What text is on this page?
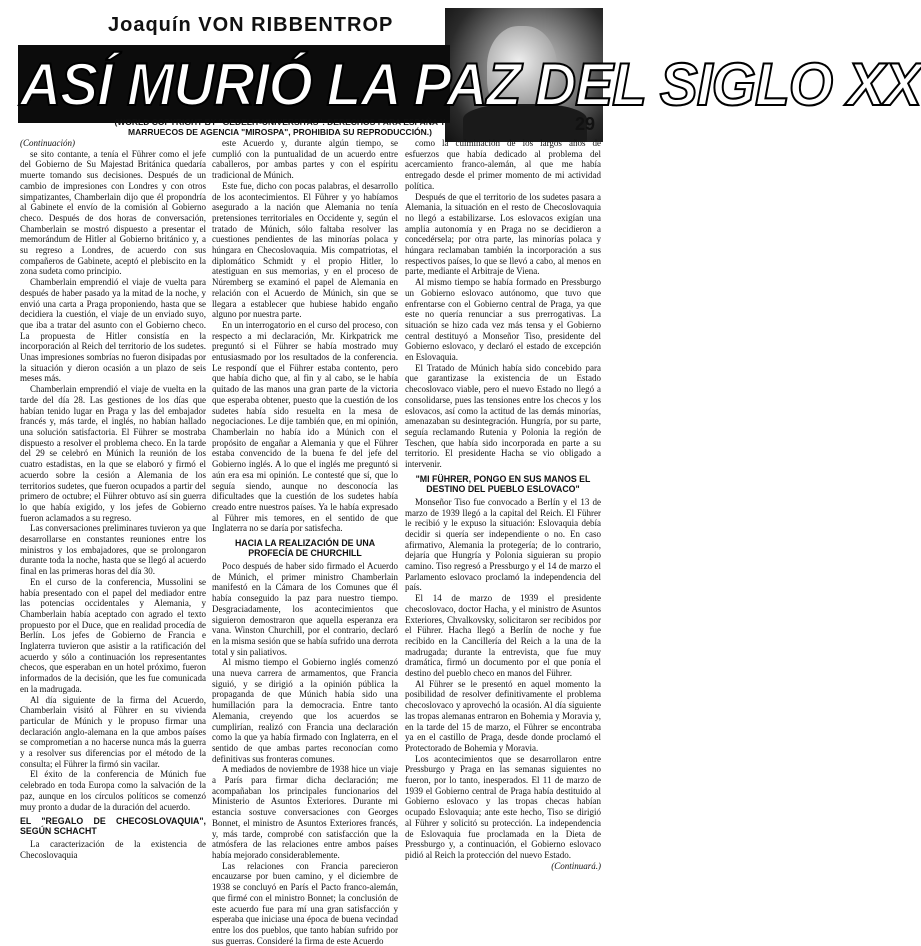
Joaquín VON RIBBENTROP
ASÍ MURIÓ LA PAZ DEL SIGLO XX
(WORLD COPYRIGHT BY "GEDELIT-UNIVERSITAS". DERECHOS PARA ESPAÑA Y MARRUECOS DE AGENCIA "MIROSPA", PROHIBIDA SU REPRODUCCIÓN.)	29

(Continuación)

se sito contante, a tenía el Führer como el jefe del Gobierno de Su Majestad Británica quedaría muerte tomando sus decisiones. Después de un cambio de impresiones con Londres y con otros simpatizantes, Chamberlain dijo que él propondría al Gabinete el envío de la comisión al Gobierno checo. Después de dos horas de conversación, Chamberlain se mostró dispuesto a presentar el memorándum de Hitler al Gobierno británico y, a su regreso a Londres, de acuerdo con sus compañeros de Gabinete, aceptó el plebiscito en la zona sudeta como principio.

Chamberlain emprendió el viaje de vuelta para después de haber pasado ya la mitad de la noche, y envió una carta a Praga proponiendo, hasta que se decidiera la cuestión, el viaje de un enviado suyo, que iba a tratar del asunto con el Gobierno checo. La propuesta de Hitler consistía en la incorporación al Reich del territorio de los sudetes. Unas impresiones sombrías no fueron disipadas por la situación y dieron ocasión a un plazo de seis meses más.

Chamberlain emprendió el viaje de vuelta en la tarde del día 28. Las gestiones de los días que habían tenido lugar en Praga y las del embajador francés y, más tarde, el inglés, no habían hallado una solución satisfactoria. El Führer se mostraba dispuesto a resolver el problema checo. En la tarde del 29 se celebró en Múnich la reunión de los cuatro estadistas, en la que se elaboró y firmó el acuerdo sobre la cesión a Alemania de los territorios sudetes, que fueron ocupados a partir del primero de octubre; el Führer obtuvo así sin guerra lo que había exigido, y los jefes de Gobierno fueron aclamados a su regreso.

Las conversaciones preliminares tuvieron ya que desarrollarse en constantes reuniones entre los ministros y los embajadores, que se prolongaron durante toda la noche, hasta que se llegó al acuerdo final en las primeras horas del día 30.

En el curso de la conferencia, Mussolini se había presentado con el papel del mediador entre las potencias occidentales y Alemania, y Chamberlain había aceptado con agrado el texto propuesto por el Duce, que en realidad procedía de Berlín. Los jefes de Gobierno de Francia e Inglaterra tuvieron que asistir a la ratificación del acuerdo y sólo a continuación los representantes checos, que esperaban en un hotel próximo, fueron informados de la decisión, que les fue comunicada en la madrugada.

Al día siguiente de la firma del Acuerdo, Chamberlain visitó al Führer en su vivienda particular de Múnich y le propuso firmar una declaración anglo-alemana en la que ambos países se comprometían a no hacerse nunca más la guerra y a resolver sus diferencias por el método de la consulta; el Führer la firmó sin vacilar.

El éxito de la conferencia de Múnich fue celebrado en toda Europa como la salvación de la paz, aunque en los círculos políticos se comenzó muy pronto a dudar de la duración del acuerdo.

EL "REGALO DE CHECOSLOVAQUIA", SEGÚN SCHACHT

La caracterización de la existencia de Checoslovaquia

este Acuerdo y, durante algún tiempo, se cumplió con la puntualidad de un acuerdo entre caballeros, por ambas partes y con el espíritu tradicional de Múnich.

Este fue, dicho con pocas palabras, el desarrollo de los acontecimientos. El Führer y yo habíamos asegurado a la nación que Alemania no tenía pretensiones territoriales en Occidente y, según el tratado de Múnich, sólo faltaba resolver las cuestiones pendientes de las minorías polaca y húngara en Checoslovaquia. Mis compatriotas, el diplomático Schmidt y el propio Hitler, lo atestiguan en sus memorias, y en el proceso de Núremberg se examinó el papel de Alemania en relación con el Acuerdo de Múnich, sin que se llegara a establecer que hubiese habido engaño alguno por nuestra parte.

En un interrogatorio en el curso del proceso, con respecto a mi declaración, Mr. Kirkpatrick me preguntó si el Führer se había mostrado muy entusiasmado por los resultados de la conferencia. Le respondí que el Führer estaba contento, pero que había dicho que, al fin y al cabo, se le había quitado de las manos una gran parte de la victoria que esperaba obtener, puesto que la cuestión de los sudetes había sido resuelta en la mesa de negociaciones. Le dije también que, en mi opinión, Chamberlain no había ido a Múnich con el propósito de engañar a Alemania y que el Führer estaba convencido de la buena fe del jefe del Gobierno inglés. A lo que el inglés me preguntó si aún era esa mi opinión. Le contesté que sí, que lo seguía siendo, aunque no desconocía las dificultades que la cuestión de los sudetes había creado entre nuestros países. Ya le había expresado al Führer mis temores, en el sentido de que Inglaterra no se daría por satisfecha.

HACIA LA REALIZACIÓN DE UNA PROFECÍA DE CHURCHILL

Poco después de haber sido firmado el Acuerdo de Múnich, el primer ministro Chamberlain manifestó en la Cámara de los Comunes que él había conseguido la paz para nuestro tiempo. Desgraciadamente, los acontecimientos que siguieron demostraron que aquella esperanza era vana. Winston Churchill, por el contrario, declaró en la misma sesión que se había sufrido una derrota total y sin paliativos.

Al mismo tiempo el Gobierno inglés comenzó una nueva carrera de armamentos, que Francia siguió, y se dirigió a la opinión pública la propaganda de que Múnich había sido una humillación para la democracia. Entre tanto Alemania, creyendo que los acuerdos se cumplirían, realizó con Francia una declaración como la que ya había firmado con Inglaterra, en el sentido de que ambas partes reconocían como definitivas sus fronteras comunes.

A mediados de noviembre de 1938 hice un viaje a París para firmar dicha declaración; me acompañaban los principales funcionarios del Ministerio de Asuntos Exteriores. Durante mi estancia sostuve conversaciones con Georges Bonnet, el ministro de Asuntos Exteriores francés, y, más tarde, comprobé con satisfacción que la atmósfera de las relaciones entre ambos países había mejorado considerablemente.

Las relaciones con Francia parecieron encauzarse por buen camino, y el diciembre de 1938 se concluyó en París el Pacto franco-alemán, que firmé con el ministro Bonnet; la conclusión de este acuerdo fue para mí una gran satisfacción y esperaba que iniciase una época de buena vecindad entre los dos pueblos, que tanto habían sufrido por sus guerras. Consideré la firma de este Acuerdo

como la culminación de los largos años de esfuerzos que había dedicado al problema del acercamiento franco-alemán, al que me había entregado desde el primer momento de mi actividad política.

Después de que el territorio de los sudetes pasara a Alemania, la situación en el resto de Checoslovaquia no llegó a estabilizarse. Los eslovacos exigían una amplia autonomía y en Praga no se decidieron a concedérsela; por otra parte, las minorías polaca y húngara reclamaban también la incorporación a sus respectivos países, lo que se llevó a cabo, al menos en parte, mediante el Arbitraje de Viena.

Al mismo tiempo se había formado en Pressburgo un Gobierno eslovaco autónomo, que tuvo que enfrentarse con el Gobierno central de Praga, ya que este no quería renunciar a sus prerrogativas. La situación se hizo cada vez más tensa y el Gobierno central destituyó a Monseñor Tiso, presidente del Gobierno eslovaco, y declaró el estado de excepción en Eslovaquia.

El Tratado de Múnich había sido concebido para que garantizase la existencia de un Estado checoslovaco viable, pero el nuevo Estado no llegó a consolidarse, pues las tensiones entre los checos y los eslovacos, así como la actitud de las demás minorías, amenazaban su desintegración. Hungría, por su parte, seguía reclamando Rutenia y Polonia la región de Teschen, que había sido incorporada en parte a su territorio. El presidente Hacha se vio obligado a intervenir.

"MI FÜHRER, PONGO EN SUS MANOS EL DESTINO DEL PUEBLO ESLOVACO"

Monseñor Tiso fue convocado a Berlín y el 13 de marzo de 1939 llegó a la capital del Reich. El Führer le recibió y le expuso la situación: Eslovaquia debía decidir si quería ser independiente o no. En caso afirmativo, Alemania la protegería; de lo contrario, dejaría que Hungría y Polonia siguieran su propio camino. Tiso regresó a Pressburgo y el 14 de marzo el Parlamento eslovaco proclamó la independencia del país.

El 14 de marzo de 1939 el presidente checoslovaco, doctor Hacha, y el ministro de Asuntos Exteriores, Chvalkovsky, solicitaron ser recibidos por el Führer. Hacha llegó a Berlín de noche y fue recibido en la Cancillería del Reich a la una de la madrugada; durante la entrevista, que fue muy dramática, firmó un documento por el que ponía el destino del pueblo checo en manos del Führer.

Al Führer se le presentó en aquel momento la posibilidad de resolver definitivamente el problema checoslovaco y aprovechó la ocasión. Al día siguiente las tropas alemanas entraron en Bohemia y Moravia y, en la tarde del 15 de marzo, el Führer se encontraba ya en el castillo de Praga, desde donde proclamó el Protectorado de Bohemia y Moravia.

Los acontecimientos que se desarrollaron entre Pressburgo y Praga en las semanas siguientes no fueron, por lo tanto, inesperados. El 11 de marzo de 1939 el Gobierno central de Praga había destituido al Gobierno eslovaco y las tropas checas habían ocupado Eslovaquia; ante este hecho, Tiso se dirigió al Führer y solicitó su protección. La independencia de Eslovaquia fue proclamada en la Dieta de Pressburgo y, a continuación, el Gobierno eslovaco pidió al Reich la protección del nuevo Estado.

(Continuará.)
